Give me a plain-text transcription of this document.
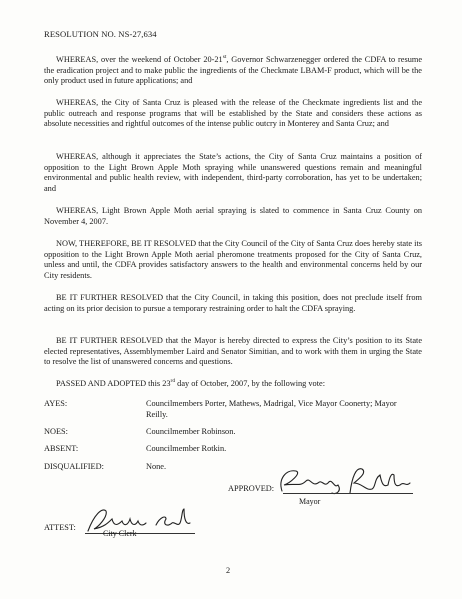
RESOLUTION NO. NS-27,634
WHEREAS, over the weekend of October 20-21st, Governor Schwarzenegger ordered the CDFA to resume the eradication project and to make public the ingredients of the Checkmate LBAM-F product, which will be the only product used in future applications; and
WHEREAS, the City of Santa Cruz is pleased with the release of the Checkmate ingredients list and the public outreach and response programs that will be established by the State and considers these actions as absolute necessities and rightful outcomes of the intense public outcry in Monterey and Santa Cruz; and
WHEREAS, although it appreciates the State’s actions, the City of Santa Cruz maintains a position of opposition to the Light Brown Apple Moth spraying while unanswered questions remain and meaningful environmental and public health review, with independent, third-party corroboration, has yet to be undertaken; and
WHEREAS, Light Brown Apple Moth aerial spraying is slated to commence in Santa Cruz County on November 4, 2007.
NOW, THEREFORE, BE IT RESOLVED that the City Council of the City of Santa Cruz does hereby state its opposition to the Light Brown Apple Moth aerial pheromone treatments proposed for the City of Santa Cruz, unless and until, the CDFA provides satisfactory answers to the health and environmental concerns held by our City residents.
BE IT FURTHER RESOLVED that the City Council, in taking this position, does not preclude itself from acting on its prior decision to pursue a temporary restraining order to halt the CDFA spraying.
BE IT FURTHER RESOLVED that the Mayor is hereby directed to express the City’s position to its State elected representatives, Assemblymember Laird and Senator Simitian, and to work with them in urging the State to resolve the list of unanswered concerns and questions.
PASSED AND ADOPTED this 23rd day of October, 2007, by the following vote:
AYES:	Councilmembers Porter, Mathews, Madrigal, Vice Mayor Coonerty; Mayor Reilly.
NOES:	Councilmember Robinson.
ABSENT:	Councilmember Rotkin.
DISQUALIFIED:	None.
APPROVED:
Mayor
ATTEST:
City Clerk
2
